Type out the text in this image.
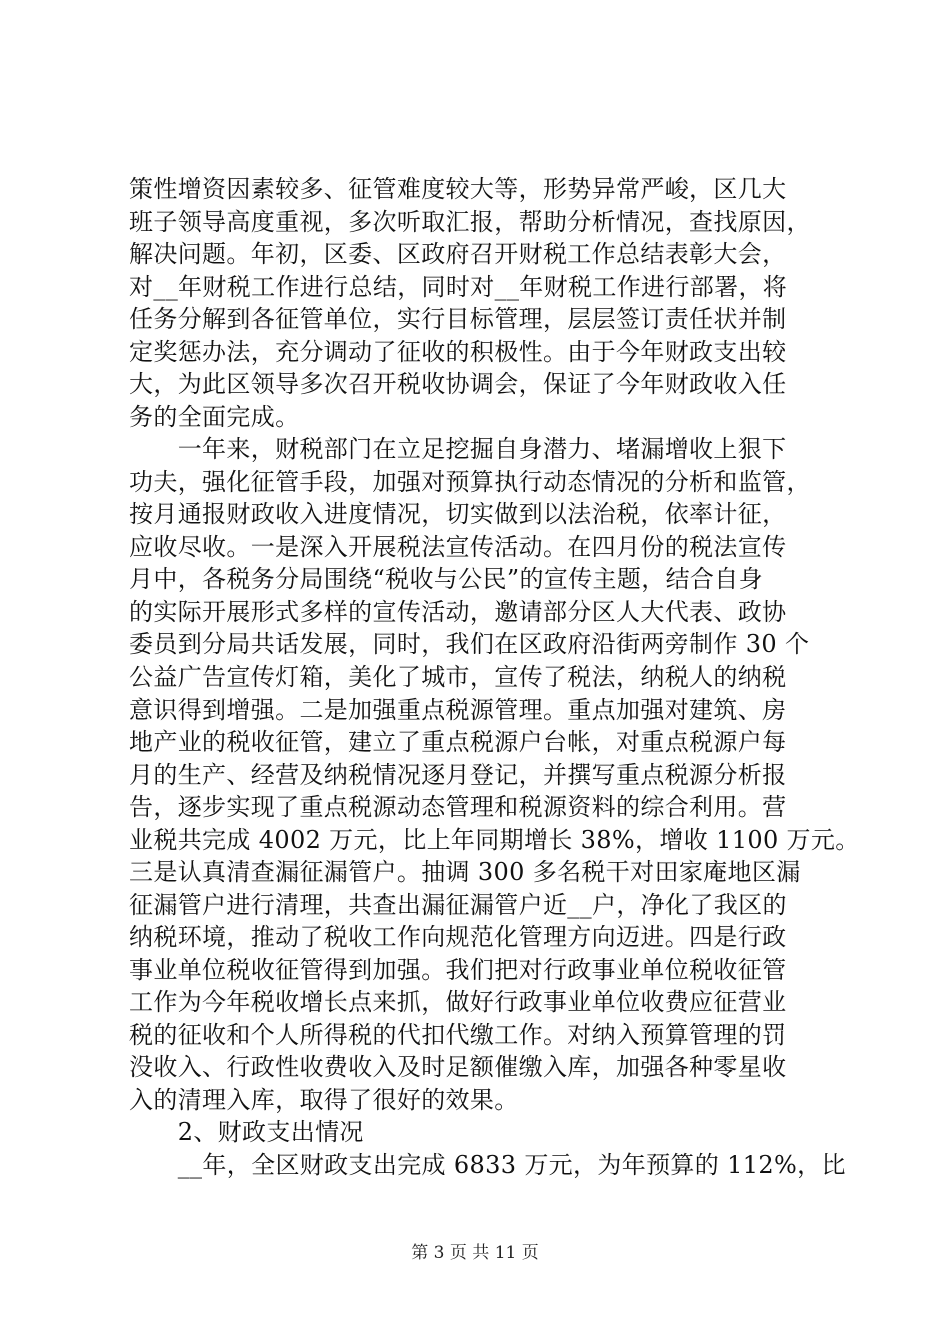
策性增资因素较多、征管难度较大等，形势异常严峻，区几大
班子领导高度重视，多次听取汇报，帮助分析情况，查找原因，
解决问题。年初，区委、区政府召开财税工作总结表彰大会，
对__年财税工作进行总结，同时对__年财税工作进行部署，将
任务分解到各征管单位，实行目标管理，层层签订责任状并制
定奖惩办法，充分调动了征收的积极性。由于今年财政支出较
大，为此区领导多次召开税收协调会，保证了今年财政收入任
务的全面完成。
　　一年来，财税部门在立足挖掘自身潜力、堵漏增收上狠下
功夫，强化征管手段，加强对预算执行动态情况的分析和监管，
按月通报财政收入进度情况，切实做到以法治税，依率计征，
应收尽收。一是深入开展税法宣传活动。在四月份的税法宣传
月中，各税务分局围绕“税收与公民”的宣传主题，结合自身
的实际开展形式多样的宣传活动，邀请部分区人大代表、政协
委员到分局共话发展，同时，我们在区政府沿街两旁制作 30 个
公益广告宣传灯箱，美化了城市，宣传了税法，纳税人的纳税
意识得到增强。二是加强重点税源管理。重点加强对建筑、房
地产业的税收征管，建立了重点税源户台帐，对重点税源户每
月的生产、经营及纳税情况逐月登记，并撰写重点税源分析报
告，逐步实现了重点税源动态管理和税源资料的综合利用。营
业税共完成 4002 万元，比上年同期增长 38%，增收 1100 万元。
三是认真清查漏征漏管户。抽调 300 多名税干对田家庵地区漏
征漏管户进行清理，共查出漏征漏管户近__户，净化了我区的
纳税环境，推动了税收工作向规范化管理方向迈进。四是行政
事业单位税收征管得到加强。我们把对行政事业单位税收征管
工作为今年税收增长点来抓，做好行政事业单位收费应征营业
税的征收和个人所得税的代扣代缴工作。对纳入预算管理的罚
没收入、行政性收费收入及时足额催缴入库，加强各种零星收
入的清理入库，取得了很好的效果。
　　2、财政支出情况
　　__年，全区财政支出完成 6833 万元，为年预算的 112%，比
第 3 页 共 11 页
